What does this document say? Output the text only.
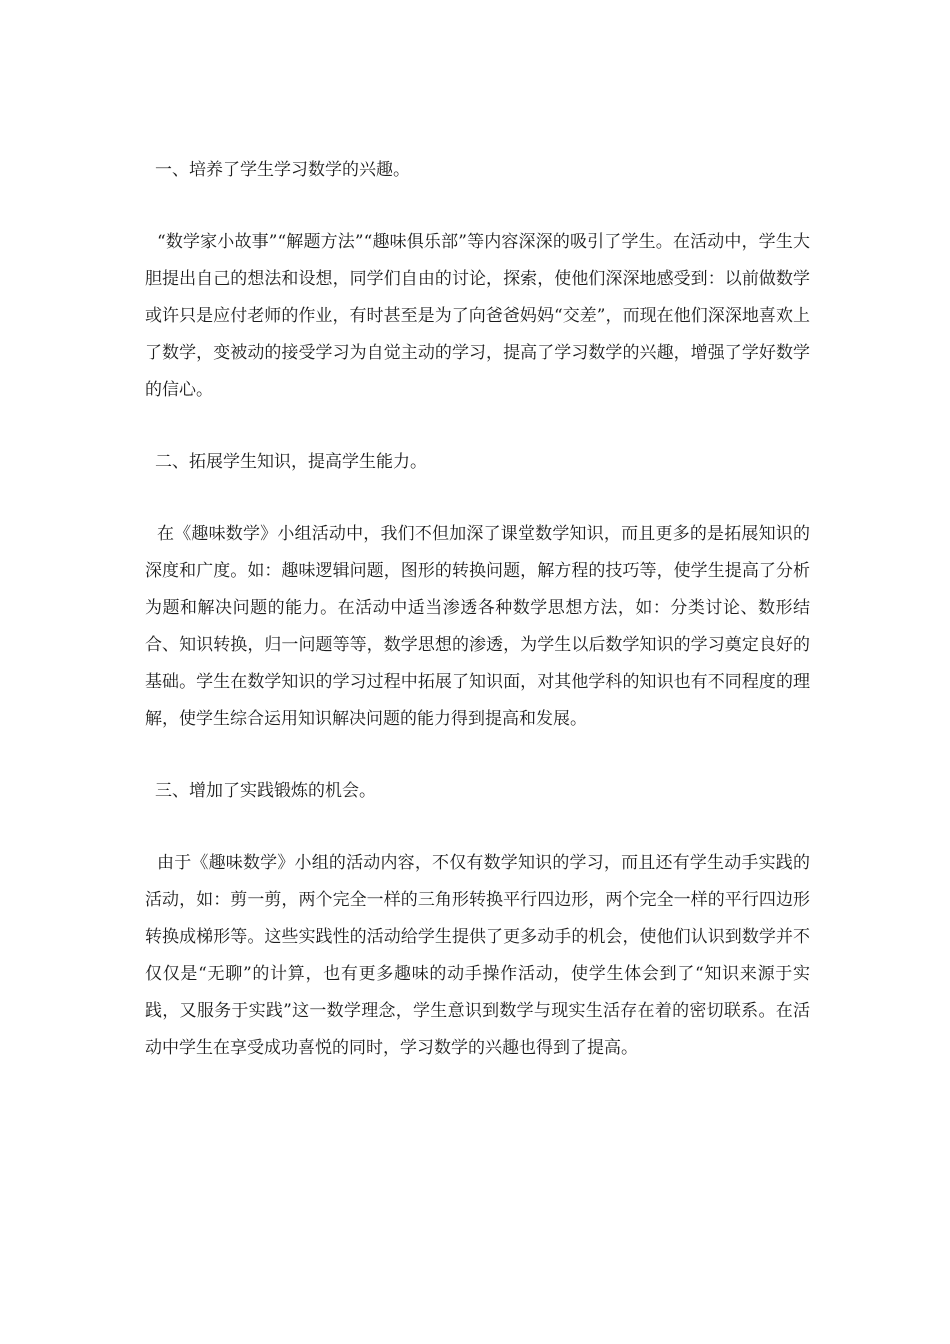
一、培养了学生学习数学的兴趣。

“数学家小故事”“解题方法”“趣味俱乐部”等内容深深的吸引了学生。在活动中，学生大胆提出自己的想法和设想，同学们自由的讨论，探索，使他们深深地感受到：以前做数学或许只是应付老师的作业，有时甚至是为了向爸爸妈妈“交差”，而现在他们深深地喜欢上了数学，变被动的接受学习为自觉主动的学习，提高了学习数学的兴趣，增强了学好数学的信心。

二、拓展学生知识，提高学生能力。

在《趣味数学》小组活动中，我们不但加深了课堂数学知识，而且更多的是拓展知识的深度和广度。如：趣味逻辑问题，图形的转换问题，解方程的技巧等，使学生提高了分析为题和解决问题的能力。在活动中适当渗透各种数学思想方法，如：分类讨论、数形结合、知识转换，归一问题等等，数学思想的渗透，为学生以后数学知识的学习奠定良好的基础。学生在数学知识的学习过程中拓展了知识面，对其他学科的知识也有不同程度的理解，使学生综合运用知识解决问题的能力得到提高和发展。

三、增加了实践锻炼的机会。

由于《趣味数学》小组的活动内容，不仅有数学知识的学习，而且还有学生动手实践的活动，如：剪一剪，两个完全一样的三角形转换平行四边形，两个完全一样的平行四边形转换成梯形等。这些实践性的活动给学生提供了更多动手的机会，使他们认识到数学并不仅仅是“无聊”的计算，也有更多趣味的动手操作活动，使学生体会到了“知识来源于实践，又服务于实践”这一数学理念，学生意识到数学与现实生活存在着的密切联系。在活动中学生在享受成功喜悦的同时，学习数学的兴趣也得到了提高。
